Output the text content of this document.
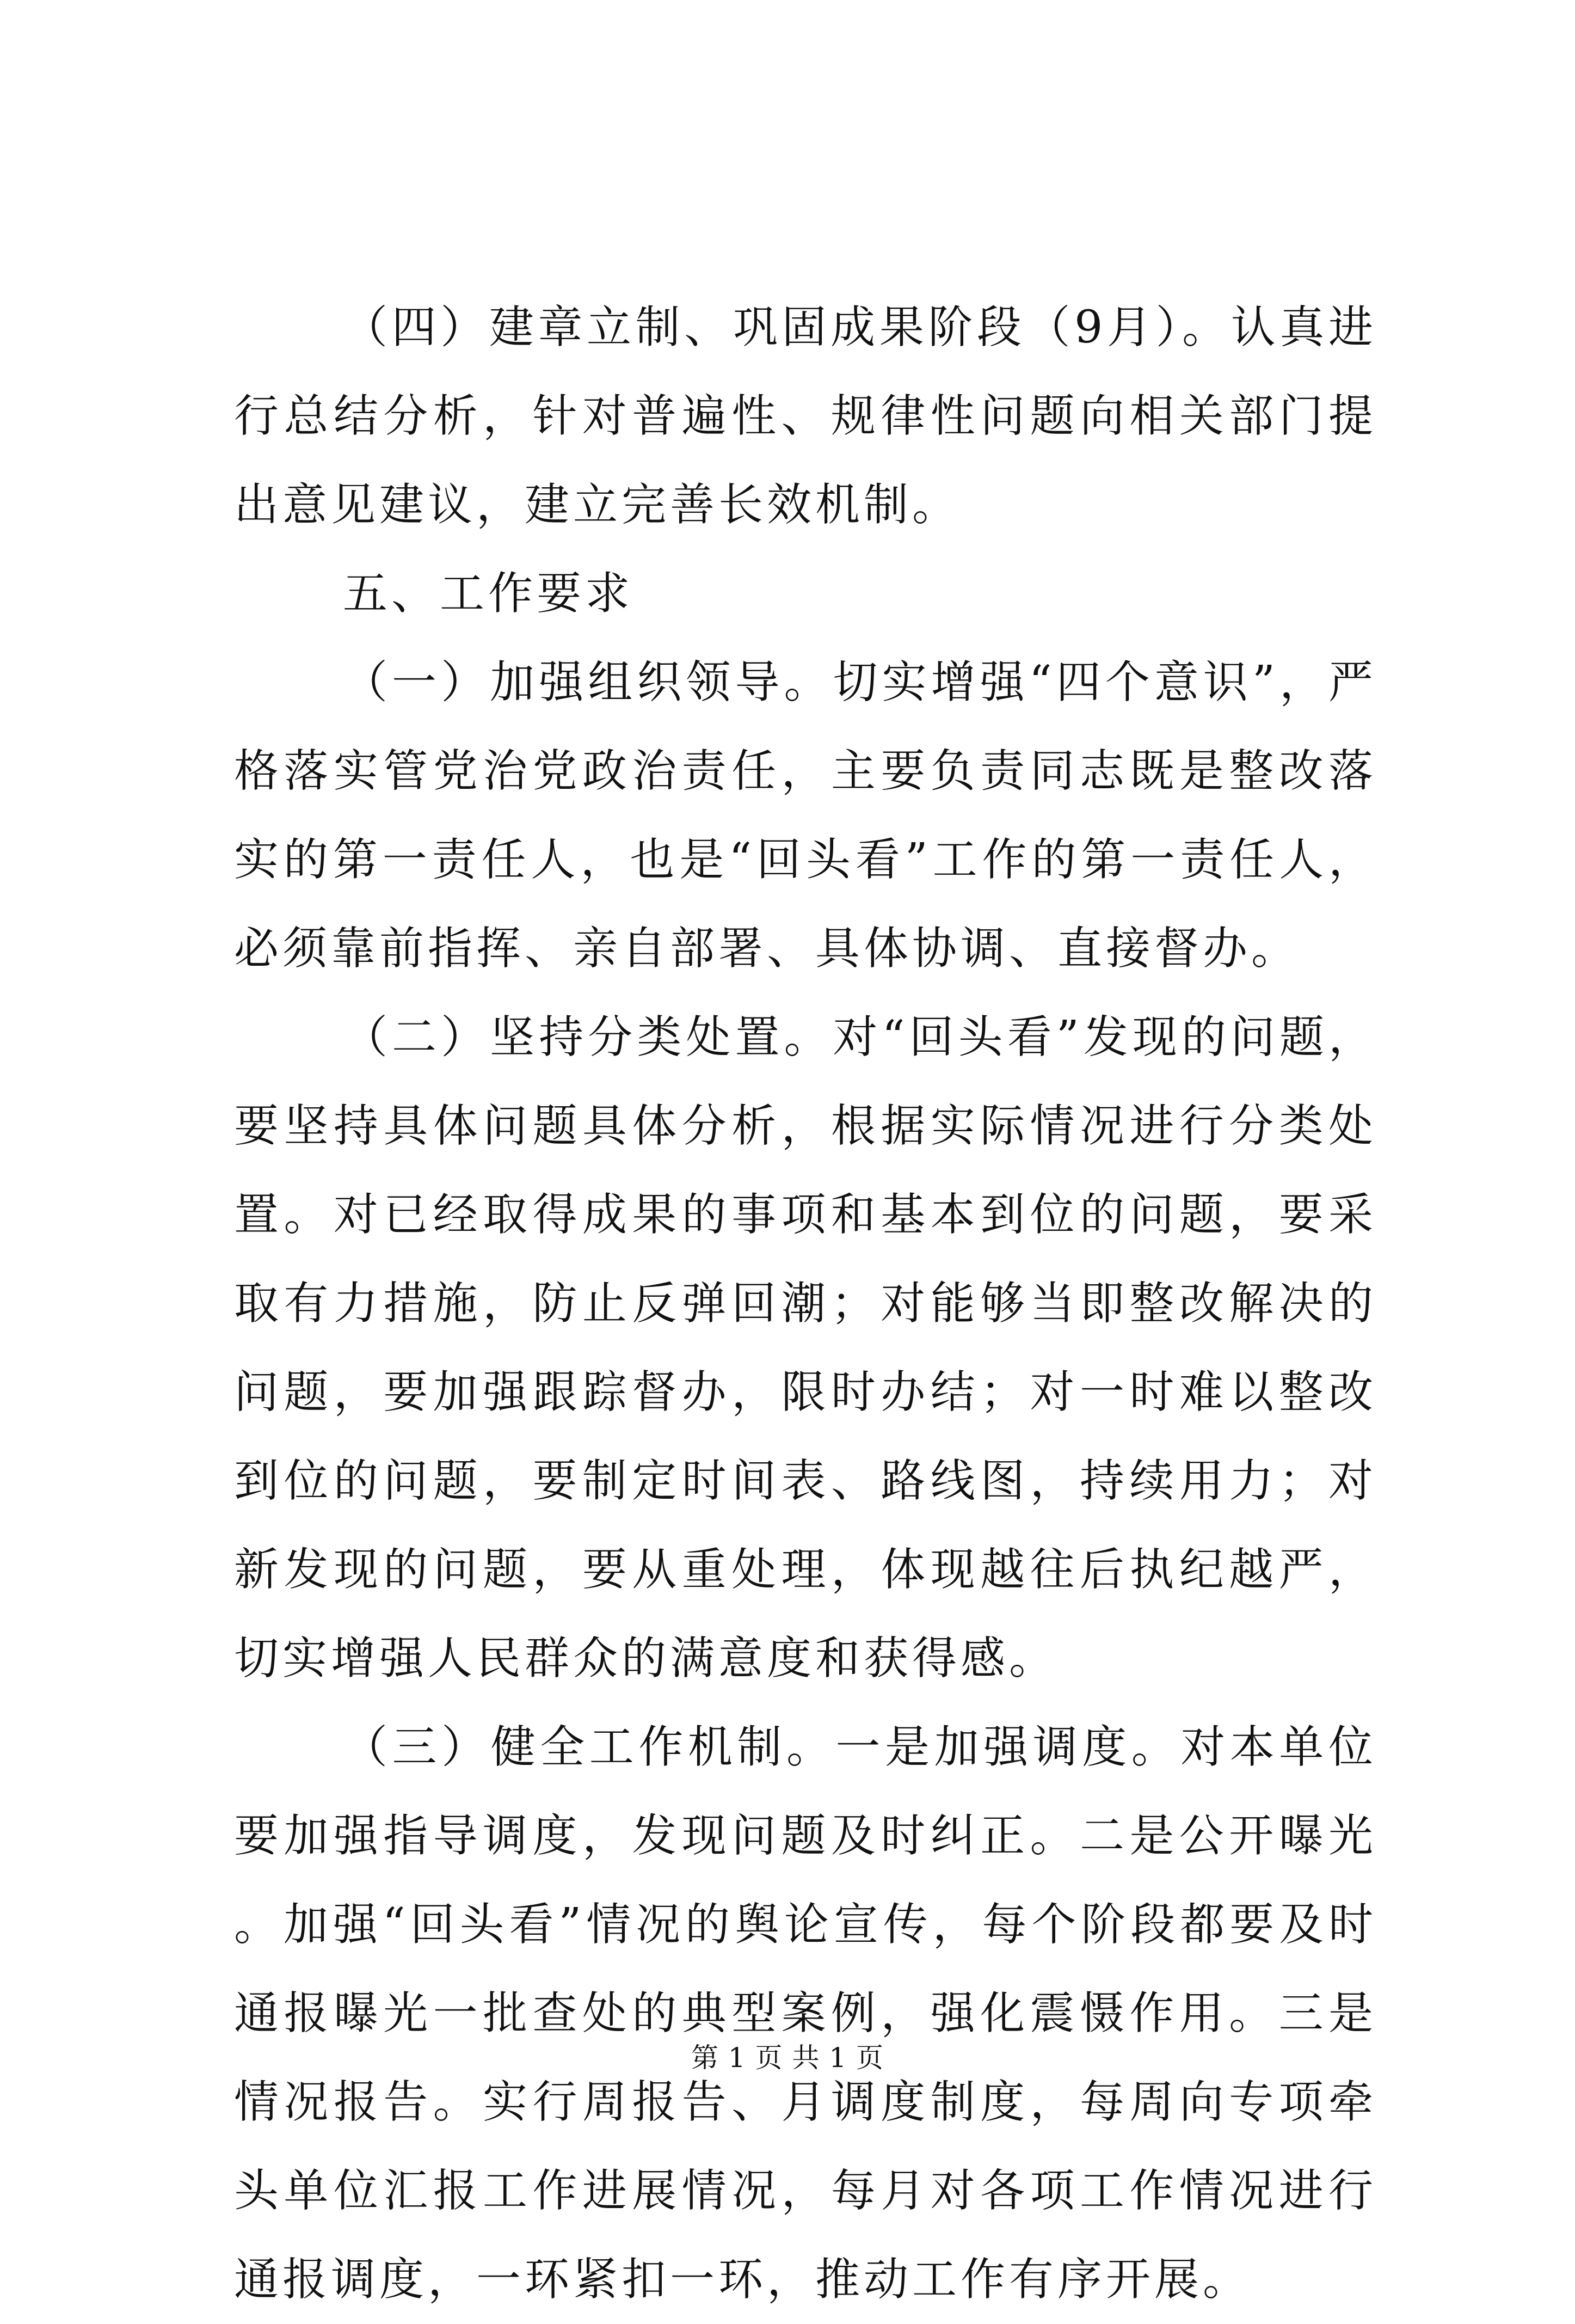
（四）建章立制、巩固成果阶段（9月）。认真进行总结分析，针对普遍性、规律性问题向相关部门提出意见建议，建立完善长效机制。

五、工作要求

（一）加强组织领导。切实增强“四个意识”，严格落实管党治党政治责任，主要负责同志既是整改落实的第一责任人，也是“回头看”工作的第一责任人，必须靠前指挥、亲自部署、具体协调、直接督办。

（二）坚持分类处置。对“回头看”发现的问题，要坚持具体问题具体分析，根据实际情况进行分类处置。对已经取得成果的事项和基本到位的问题，要采取有力措施，防止反弹回潮；对能够当即整改解决的问题，要加强跟踪督办，限时办结；对一时难以整改到位的问题，要制定时间表、路线图，持续用力；对新发现的问题，要从重处理，体现越往后执纪越严，切实增强人民群众的满意度和获得感。

（三）健全工作机制。一是加强调度。对本单位要加强指导调度，发现问题及时纠正。二是公开曝光。加强“回头看”情况的舆论宣传，每个阶段都要及时通报曝光一批查处的典型案例，强化震慑作用。三是情况报告。实行周报告、月调度制度，每周向专项牵头单位汇报工作进展情况，每月对各项工作情况进行通报调度，一环紧扣一环，推动工作有序开展。

第 1 页 共 1 页
